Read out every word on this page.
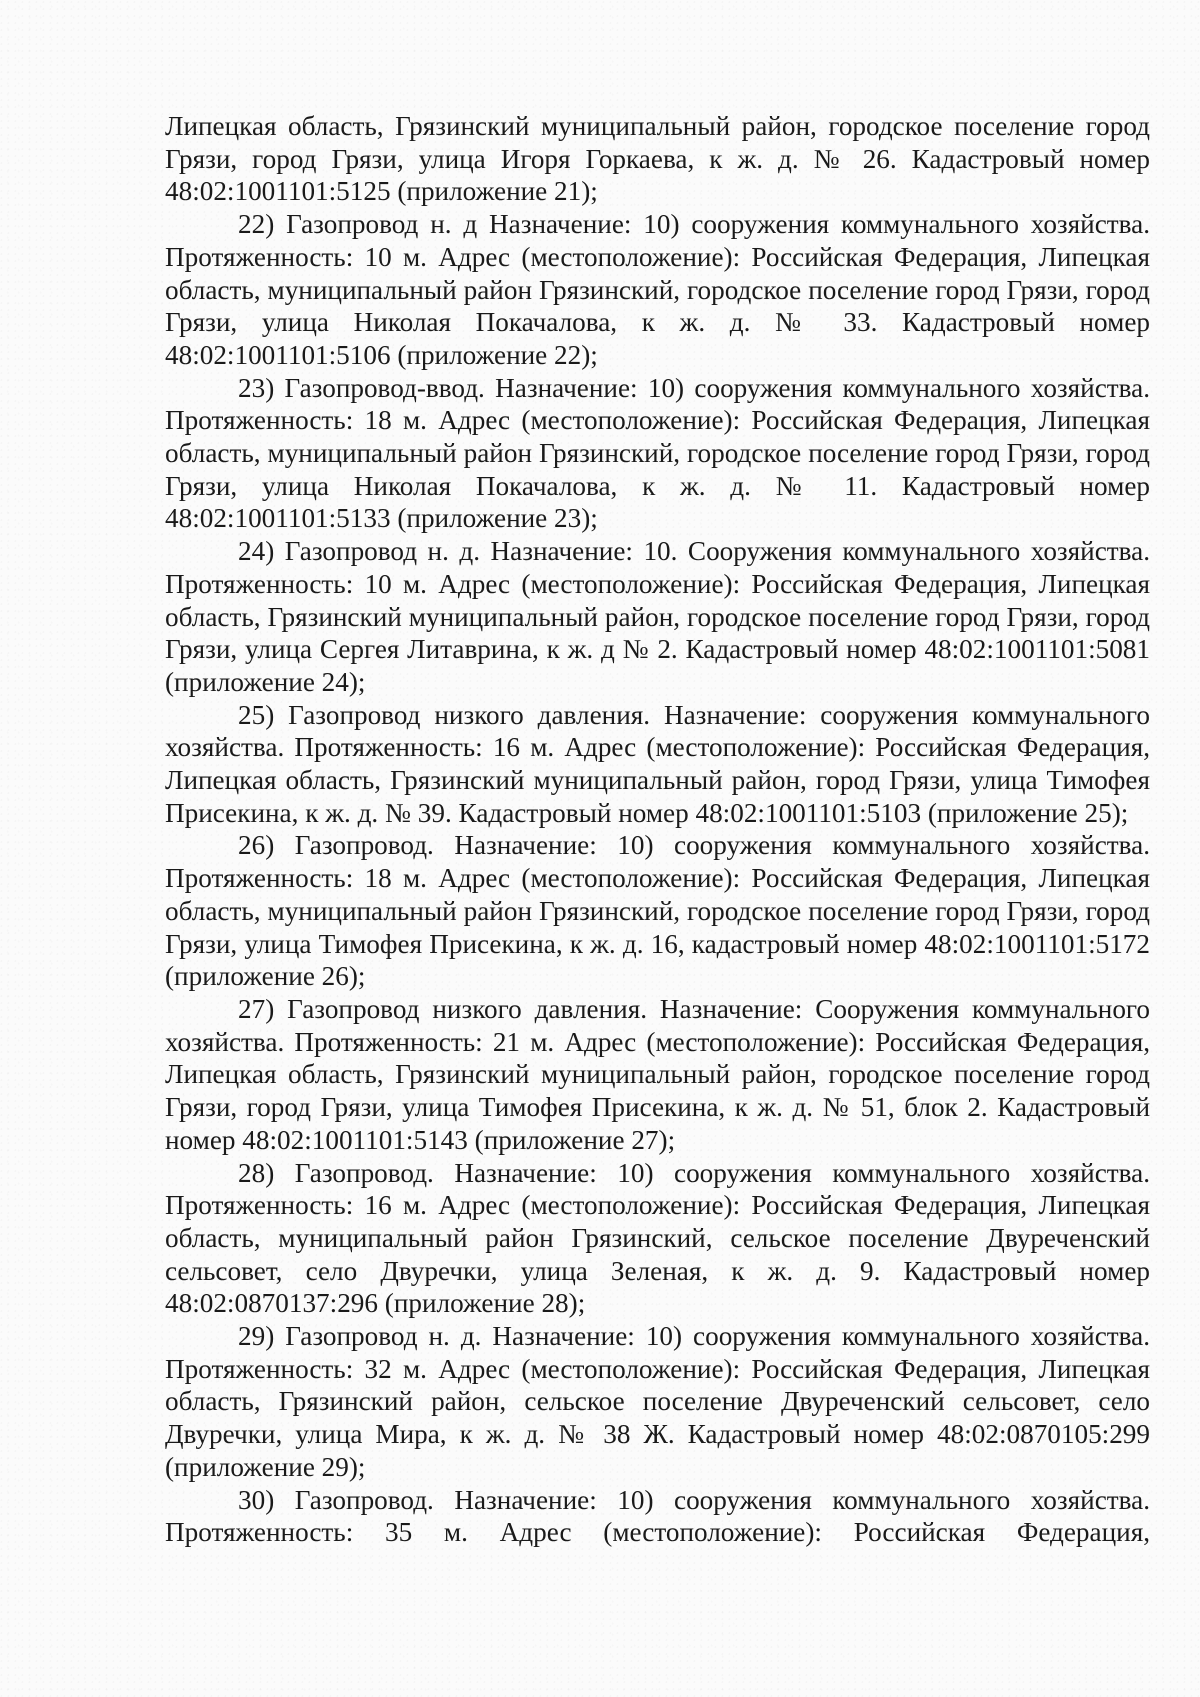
Липецкая область, Грязинский муниципальный район, городское поселение город Грязи, город Грязи, улица Игоря Горкаева, к ж. д. № 26. Кадастровый номер 48:02:1001101:5125 (приложение 21);

22) Газопровод н. д Назначение: 10) сооружения коммунального хозяйства. Протяженность: 10 м. Адрес (местоположение): Российская Федерация, Липецкая область, муниципальный район Грязинский, городское поселение город Грязи, город Грязи, улица Николая Покачалова, к ж. д. № 33. Кадастровый номер 48:02:1001101:5106 (приложение 22);

23) Газопровод-ввод. Назначение: 10) сооружения коммунального хозяйства. Протяженность: 18 м. Адрес (местоположение): Российская Федерация, Липецкая область, муниципальный район Грязинский, городское поселение город Грязи, город Грязи, улица Николая Покачалова, к ж. д. № 11. Кадастровый номер 48:02:1001101:5133 (приложение 23);

24) Газопровод н. д. Назначение: 10. Сооружения коммунального хозяйства. Протяженность: 10 м. Адрес (местоположение): Российская Федерация, Липецкая область, Грязинский муниципальный район, городское поселение город Грязи, город Грязи, улица Сергея Литаврина, к ж. д № 2. Кадастровый номер 48:02:1001101:5081 (приложение 24);

25) Газопровод низкого давления. Назначение: сооружения коммунального хозяйства. Протяженность: 16 м. Адрес (местоположение): Российская Федерация, Липецкая область, Грязинский муниципальный район, город Грязи, улица Тимофея Присекина, к ж. д. № 39. Кадастровый номер 48:02:1001101:5103 (приложение 25);

26) Газопровод. Назначение: 10) сооружения коммунального хозяйства. Протяженность: 18 м. Адрес (местоположение): Российская Федерация, Липецкая область, муниципальный район Грязинский, городское поселение город Грязи, город Грязи, улица Тимофея Присекина, к ж. д. 16, кадастровый номер 48:02:1001101:5172 (приложение 26);

27) Газопровод низкого давления. Назначение: Сооружения коммунального хозяйства. Протяженность: 21 м. Адрес (местоположение): Российская Федерация, Липецкая область, Грязинский муниципальный район, городское поселение город Грязи, город Грязи, улица Тимофея Присекина, к ж. д. № 51, блок 2. Кадастровый номер 48:02:1001101:5143 (приложение 27);

28) Газопровод. Назначение: 10) сооружения коммунального хозяйства. Протяженность: 16 м. Адрес (местоположение): Российская Федерация, Липецкая область, муниципальный район Грязинский, сельское поселение Двуреченский сельсовет, село Двуречки, улица Зеленая, к ж. д. 9. Кадастровый номер 48:02:0870137:296 (приложение 28);

29) Газопровод н. д. Назначение: 10) сооружения коммунального хозяйства. Протяженность: 32 м. Адрес (местоположение): Российская Федерация, Липецкая область, Грязинский район, сельское поселение Двуреченский сельсовет, село Двуречки, улица Мира, к ж. д. № 38 Ж. Кадастровый номер 48:02:0870105:299 (приложение 29);

30) Газопровод. Назначение: 10) сооружения коммунального хозяйства. Протяженность: 35 м. Адрес (местоположение): Российская Федерация,
